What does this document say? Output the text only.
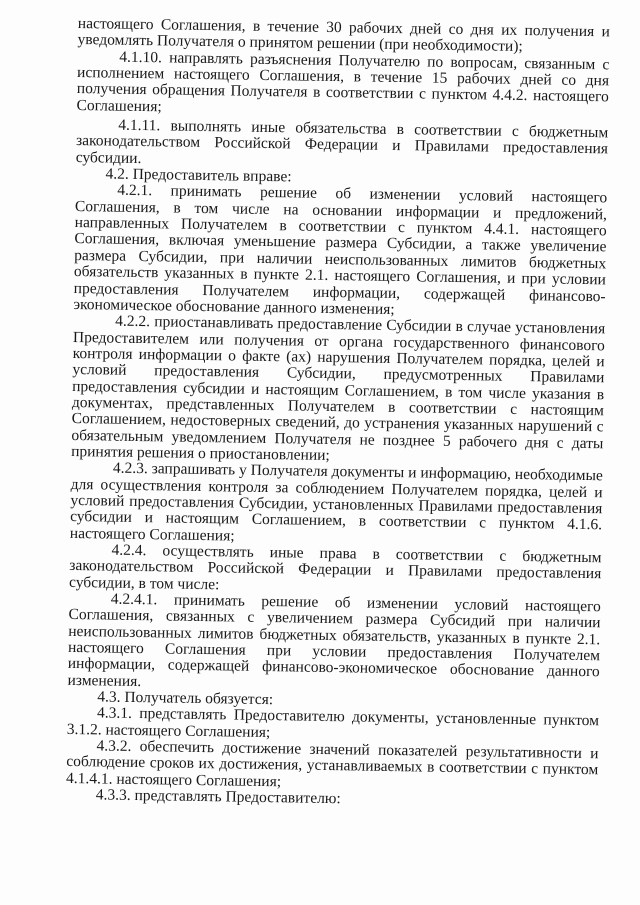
настоящего Соглашения, в течение 30 рабочих дней со дня их получения и уведомлять Получателя о принятом решении (при необходимости);

4.1.10. направлять разъяснения Получателю по вопросам, связанным с исполнением настоящего Соглашения, в течение 15 рабочих дней со дня получения обращения Получателя в соответствии с пунктом 4.4.2. настоящего Соглашения;

4.1.11. выполнять иные обязательства в соответствии с бюджетным законодательством Российской Федерации и Правилами предоставления субсидии.

4.2. Предоставитель вправе:

4.2.1. принимать решение об изменении условий настоящего Соглашения, в том числе на основании информации и предложений, направленных Получателем в соответствии с пунктом 4.4.1. настоящего Соглашения, включая уменьшение размера Субсидии, а также увеличение размера Субсидии, при наличии неиспользованных лимитов бюджетных обязательств указанных в пункте 2.1. настоящего Соглашения, и при условии предоставления Получателем информации, содержащей финансово-экономическое обоснование данного изменения;

4.2.2. приостанавливать предоставление Субсидии в случае установления Предоставителем или получения от органа государственного финансового контроля информации о факте (ах) нарушения Получателем порядка, целей и условий предоставления Субсидии, предусмотренных Правилами предоставления субсидии и настоящим Соглашением, в том числе указания в документах, представленных Получателем в соответствии с настоящим Соглашением, недостоверных сведений, до устранения указанных нарушений с обязательным уведомлением Получателя не позднее 5 рабочего дня с даты принятия решения о приостановлении;

4.2.3. запрашивать у Получателя документы и информацию, необходимые для осуществления контроля за соблюдением Получателем порядка, целей и условий предоставления Субсидии, установленных Правилами предоставления субсидии и настоящим Соглашением, в соответствии с пунктом 4.1.6. настоящего Соглашения;

4.2.4. осуществлять иные права в соответствии с бюджетным законодательством Российской Федерации и Правилами предоставления субсидии, в том числе:

4.2.4.1. принимать решение об изменении условий настоящего Соглашения, связанных с увеличением размера Субсидий при наличии неиспользованных лимитов бюджетных обязательств, указанных в пункте 2.1. настоящего Соглашения при условии предоставления Получателем информации, содержащей финансово-экономическое обоснование данного изменения.

4.3. Получатель обязуется:

4.3.1. представлять Предоставителю документы, установленные пунктом 3.1.2. настоящего Соглашения;

4.3.2. обеспечить достижение значений показателей результативности и соблюдение сроков их достижения, устанавливаемых в соответствии с пунктом 4.1.4.1. настоящего Соглашения;

4.3.3. представлять Предоставителю:
